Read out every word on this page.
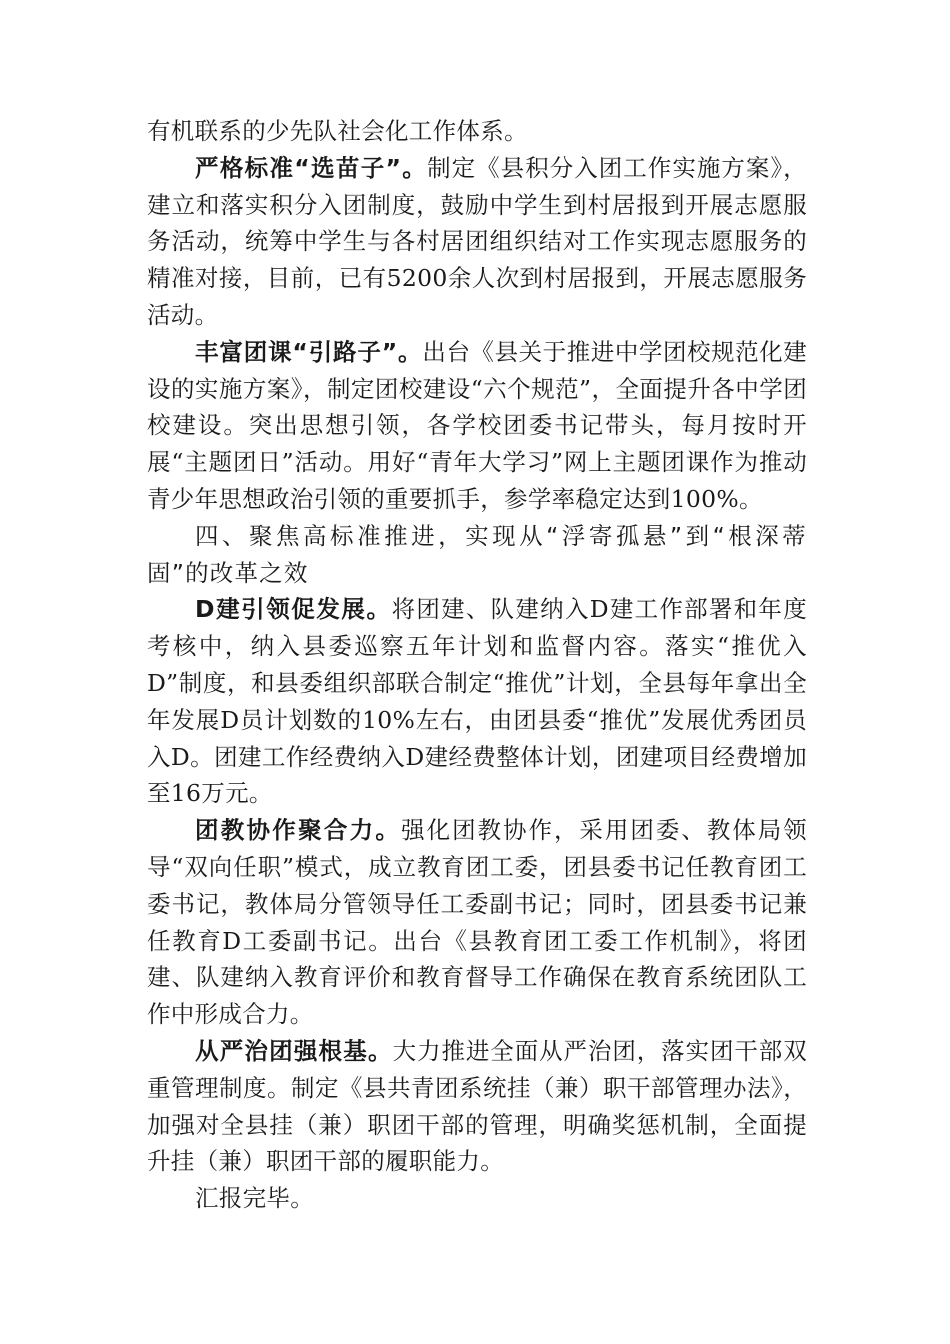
有机联系的少先队社会化工作体系。

严格标准“选苗子”。制定《县积分入团工作实施方案》，建立和落实积分入团制度，鼓励中学生到村居报到开展志愿服务活动，统筹中学生与各村居团组织结对工作实现志愿服务的精准对接，目前，已有5200余人次到村居报到，开展志愿服务活动。

丰富团课“引路子”。出台《县关于推进中学团校规范化建设的实施方案》，制定团校建设“六个规范”，全面提升各中学团校建设。突出思想引领，各学校团委书记带头，每月按时开展“主题团日”活动。用好“青年大学习”网上主题团课作为推动青少年思想政治引领的重要抓手，参学率稳定达到100%。

四、聚焦高标准推进，实现从“浮寄孤悬”到“根深蒂固”的改革之效

D建引领促发展。将团建、队建纳入D建工作部署和年度考核中，纳入县委巡察五年计划和监督内容。落实“推优入D”制度，和县委组织部联合制定“推优”计划，全县每年拿出全年发展D员计划数的10%左右，由团县委“推优”发展优秀团员入D。团建工作经费纳入D建经费整体计划，团建项目经费增加至16万元。

团教协作聚合力。强化团教协作，采用团委、教体局领导“双向任职”模式，成立教育团工委，团县委书记任教育团工委书记，教体局分管领导任工委副书记；同时，团县委书记兼任教育D工委副书记。出台《县教育团工委工作机制》，将团建、队建纳入教育评价和教育督导工作确保在教育系统团队工作中形成合力。

从严治团强根基。大力推进全面从严治团，落实团干部双重管理制度。制定《县共青团系统挂（兼）职干部管理办法》，加强对全县挂（兼）职团干部的管理，明确奖惩机制，全面提升挂（兼）职团干部的履职能力。

汇报完毕。
